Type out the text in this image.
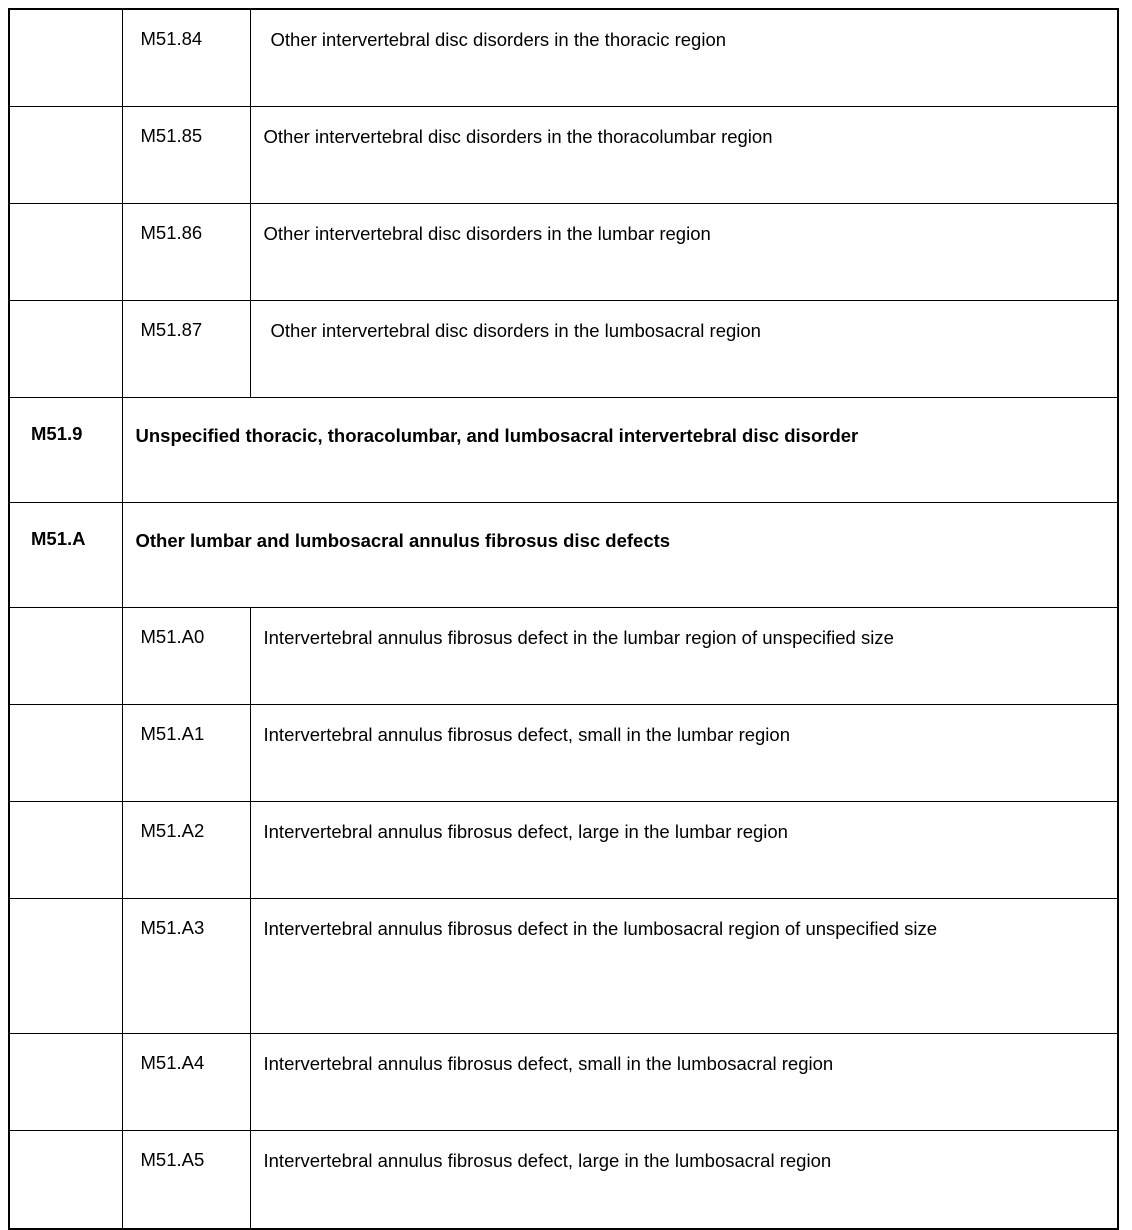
	M51.84	Other intervertebral disc disorders in the thoracic region
	M51.85	Other intervertebral disc disorders in the thoracolumbar region
	M51.86	Other intervertebral disc disorders in the lumbar region
	M51.87	Other intervertebral disc disorders in the lumbosacral region
M51.9	Unspecified thoracic, thoracolumbar, and lumbosacral intervertebral disc disorder	
M51.A	Other lumbar and lumbosacral annulus fibrosus disc defects	
	M51.A0	Intervertebral annulus fibrosus defect in the lumbar region of unspecified size
	M51.A1	Intervertebral annulus fibrosus defect, small in the lumbar region
	M51.A2	Intervertebral annulus fibrosus defect, large in the lumbar region
	M51.A3	Intervertebral annulus fibrosus defect in the lumbosacral region of unspecified size
	M51.A4	Intervertebral annulus fibrosus defect, small in the lumbosacral region
	M51.A5	Intervertebral annulus fibrosus defect, large in the lumbosacral region
